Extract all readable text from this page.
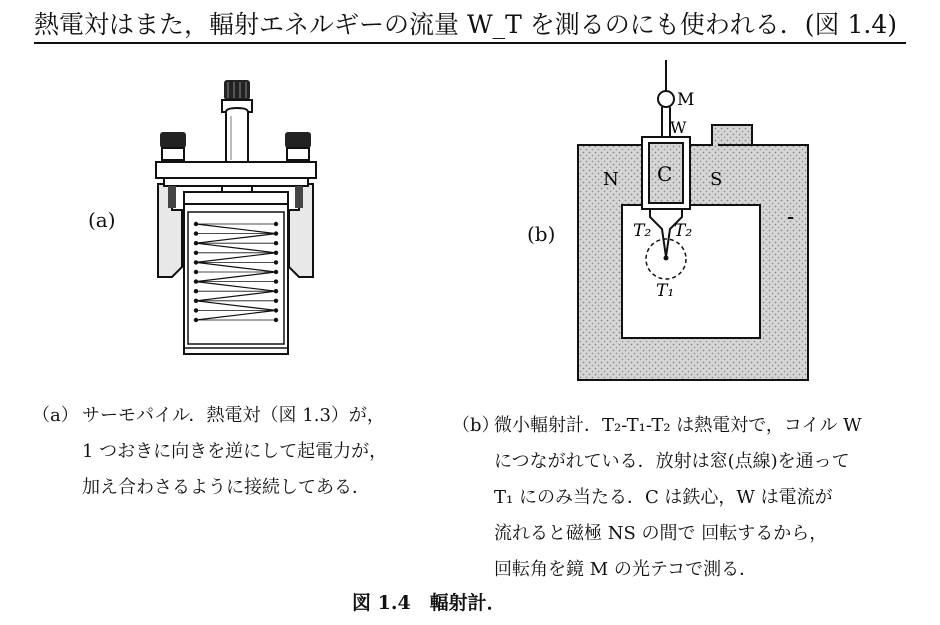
熱電対はまた，輻射エネルギーの流量 W_T を測るのにも使われる．(図 1.4)
(a)
(b)
M
W
N C S
T₂ T₂
T₁
（a） サーモパイル．熱電対（図 1.3）が，
1 つおきに向きを逆にして起電力が，
加え合わさるように接続してある．
（b）
微小輻射計．T₂-T₁-T₂ は熱電対で，コイル W
につながれている．放射は窓(点線)を通って
T₁ にのみ当たる．C は鉄心，W は電流が
流れると磁極 NS の間で 回転するから，
回転角を鏡 M の光テコで測る．
図 1.4　輻射計．
